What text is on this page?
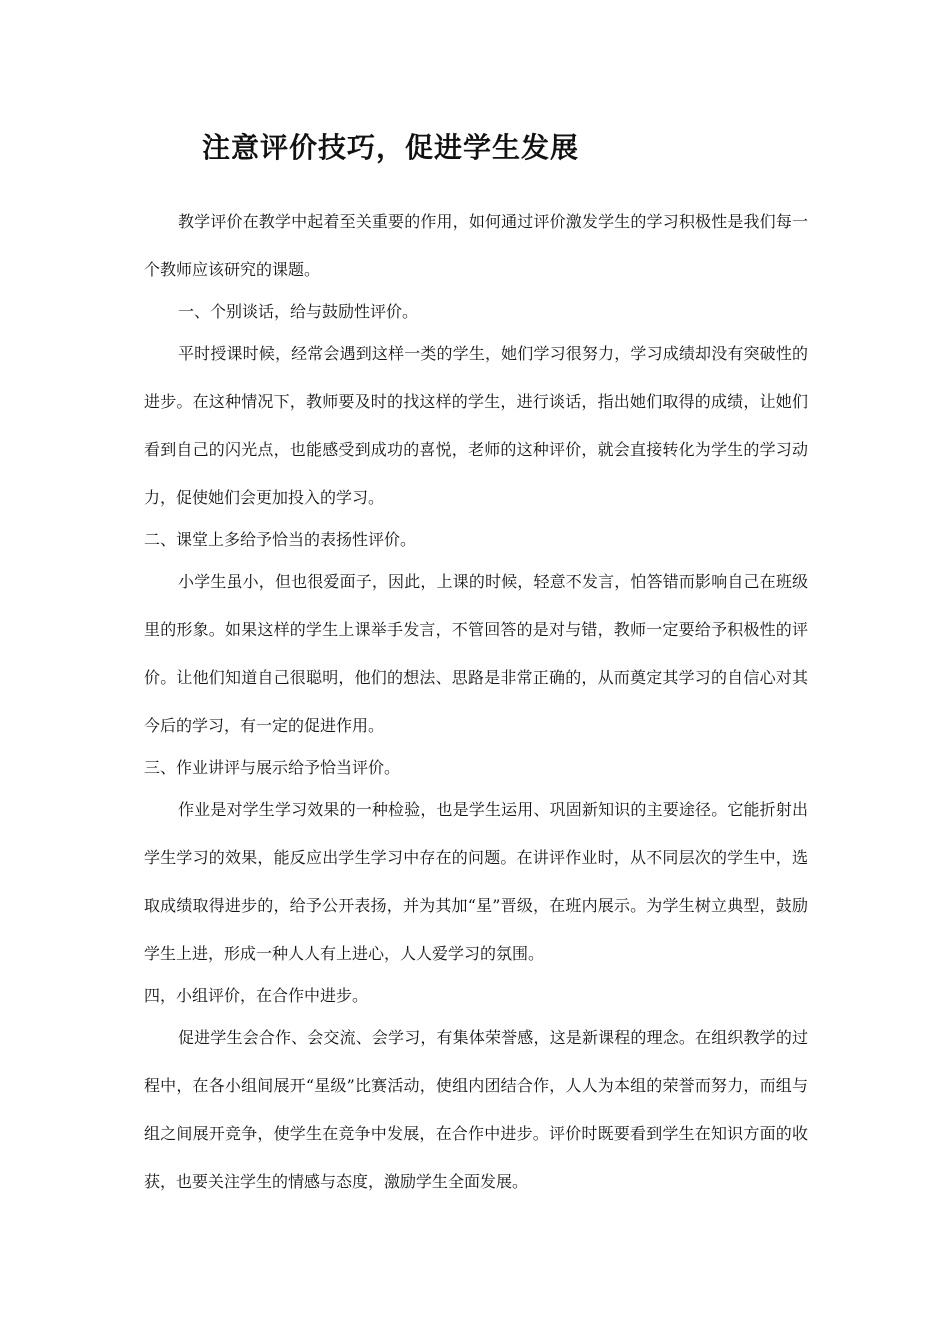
注意评价技巧，促进学生发展

教学评价在教学中起着至关重要的作用，如何通过评价激发学生的学习积极性是我们每一个教师应该研究的课题。

一、个别谈话，给与鼓励性评价。

平时授课时候，经常会遇到这样一类的学生，她们学习很努力，学习成绩却没有突破性的进步。在这种情况下，教师要及时的找这样的学生，进行谈话，指出她们取得的成绩，让她们看到自己的闪光点，也能感受到成功的喜悦，老师的这种评价，就会直接转化为学生的学习动力，促使她们会更加投入的学习。

二、课堂上多给予恰当的表扬性评价。

小学生虽小，但也很爱面子，因此，上课的时候，轻意不发言，怕答错而影响自己在班级里的形象。如果这样的学生上课举手发言，不管回答的是对与错，教师一定要给予积极性的评价。让他们知道自己很聪明，他们的想法、思路是非常正确的，从而奠定其学习的自信心对其今后的学习，有一定的促进作用。

三、作业讲评与展示给予恰当评价。

作业是对学生学习效果的一种检验，也是学生运用、巩固新知识的主要途径。它能折射出学生学习的效果，能反应出学生学习中存在的问题。在讲评作业时，从不同层次的学生中，选取成绩取得进步的，给予公开表扬，并为其加“星”晋级，在班内展示。为学生树立典型，鼓励学生上进，形成一种人人有上进心，人人爱学习的氛围。

四，小组评价，在合作中进步。

促进学生会合作、会交流、会学习，有集体荣誉感，这是新课程的理念。在组织教学的过程中，在各小组间展开“星级”比赛活动，使组内团结合作，人人为本组的荣誉而努力，而组与组之间展开竞争，使学生在竞争中发展，在合作中进步。评价时既要看到学生在知识方面的收获，也要关注学生的情感与态度，激励学生全面发展。
